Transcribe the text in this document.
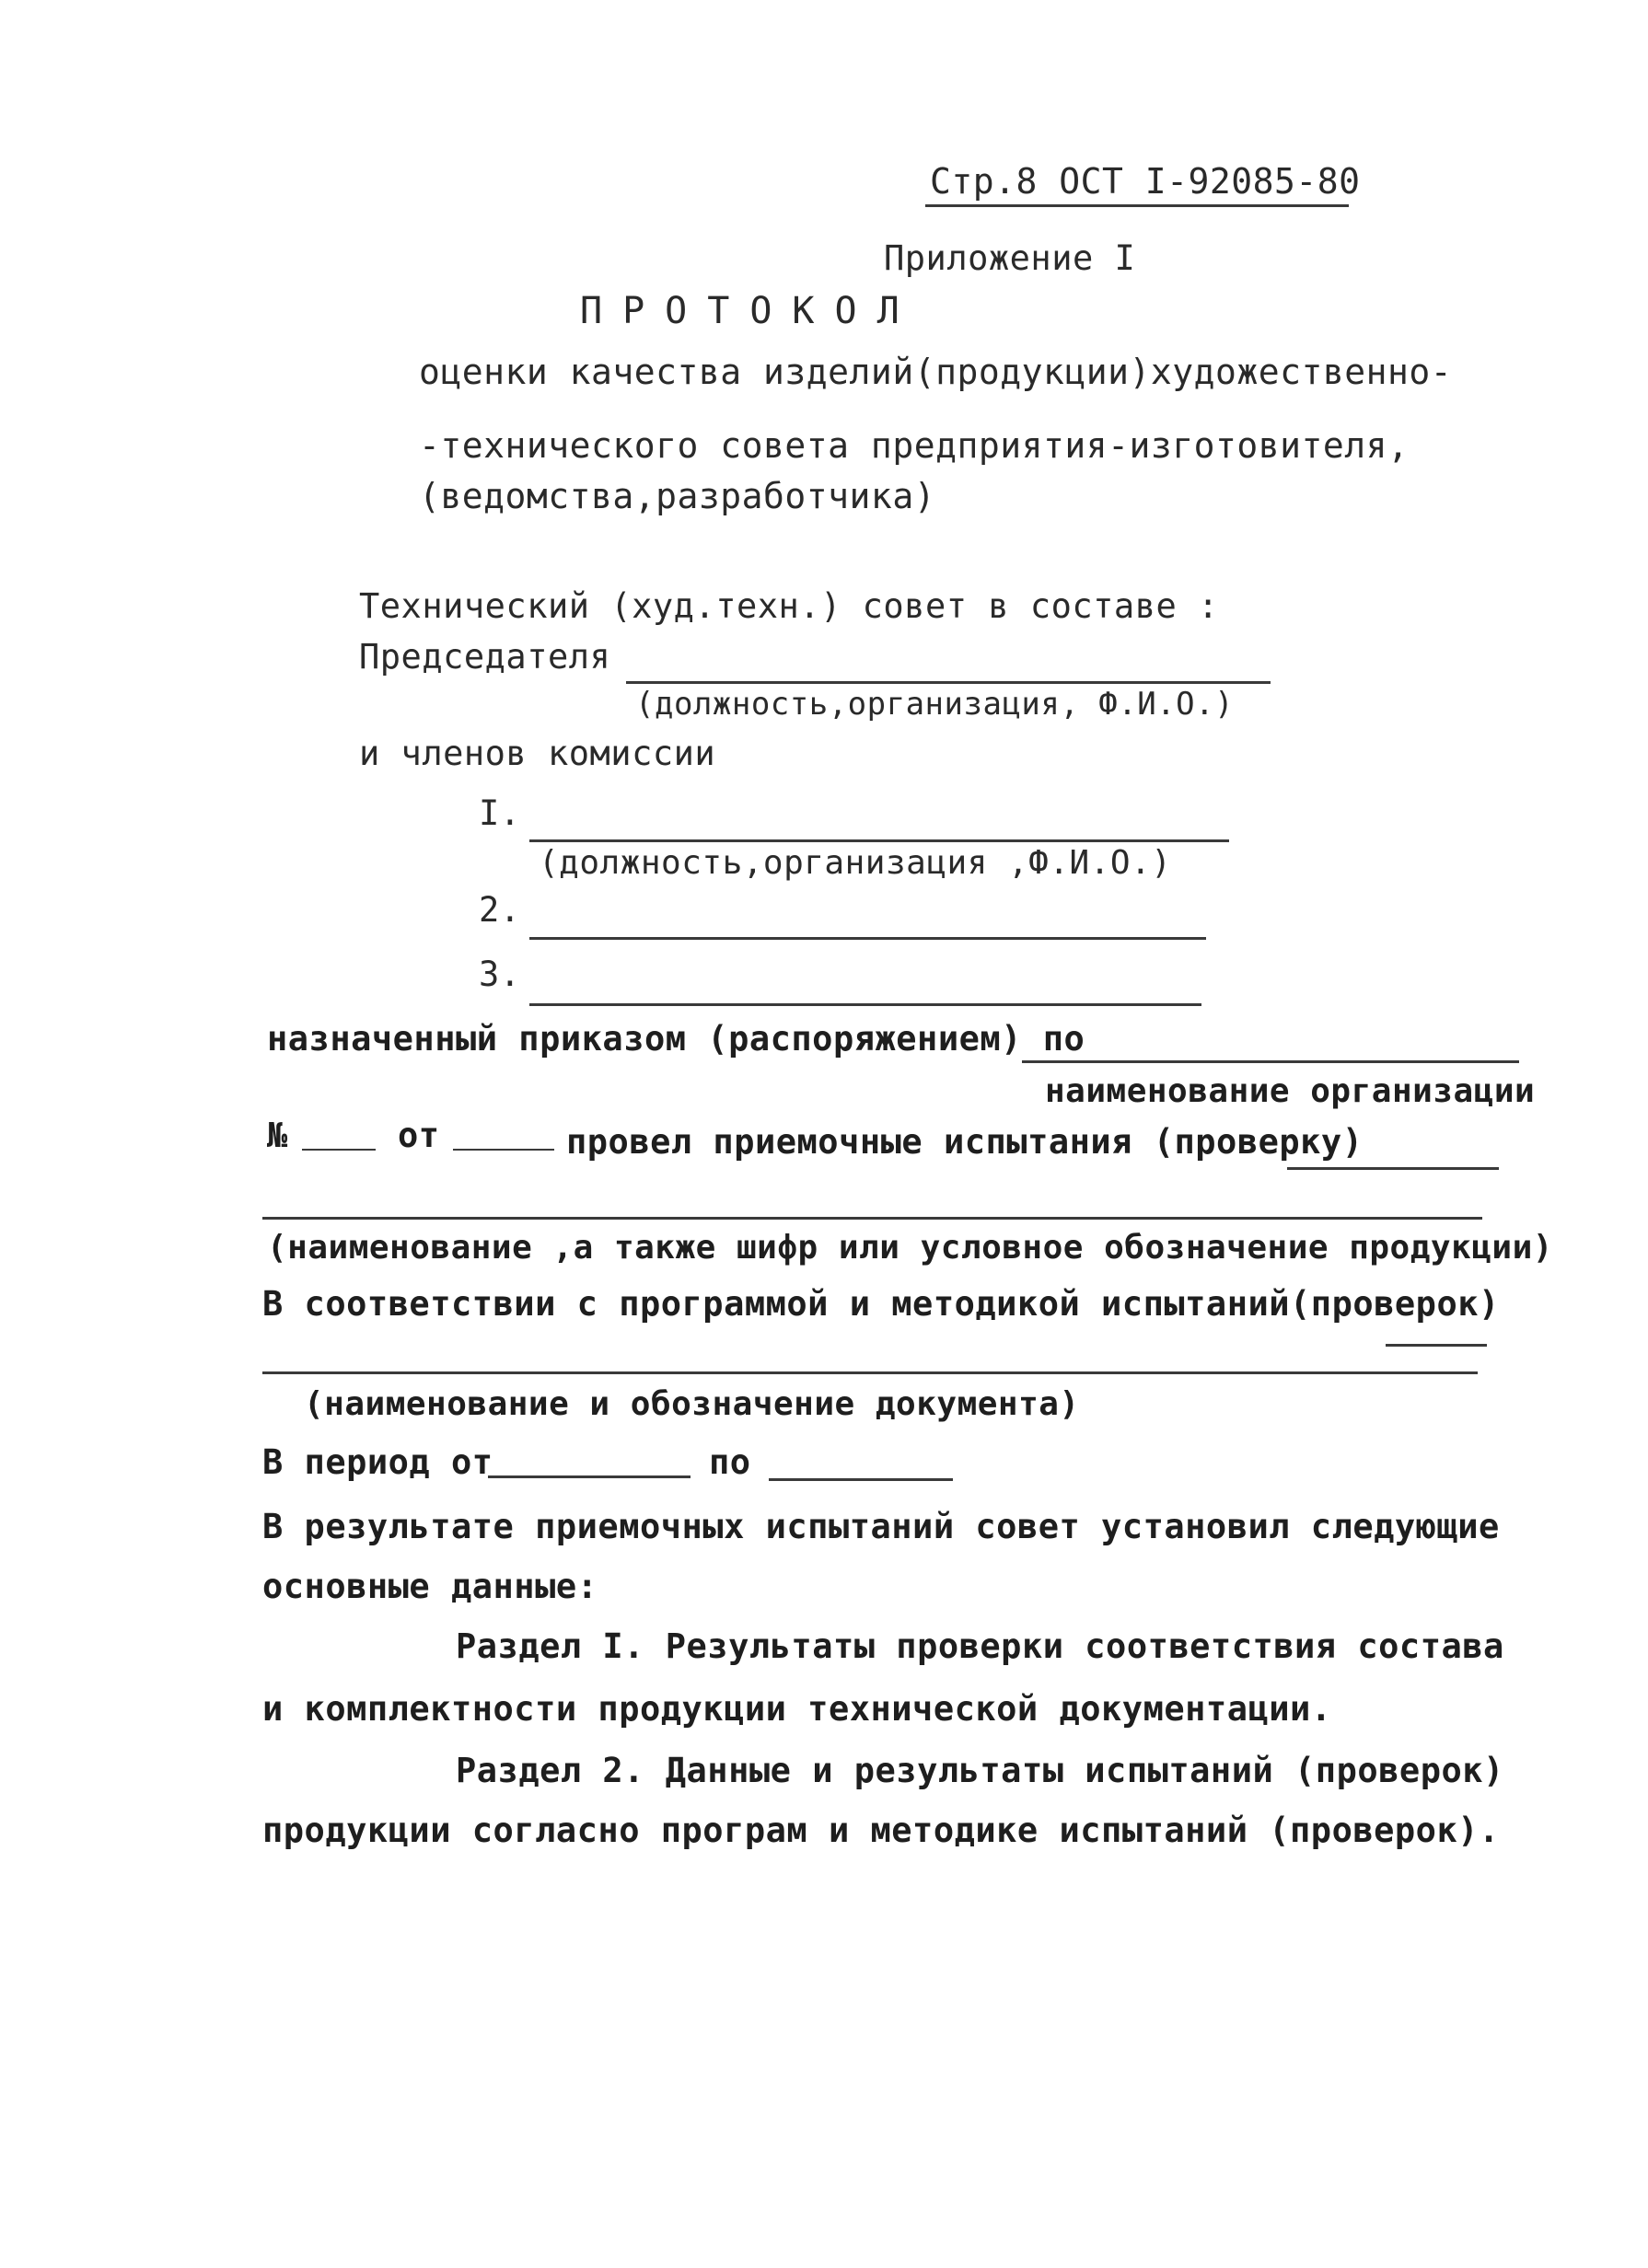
Стр.8 ОСТ I-92085-80
Приложение I
ПРОТОКОЛ
оценки качества изделий(продукции)художественно-
-технического совета предприятия-изготовителя,
(ведомства,разработчика)
Технический (худ.техн.) совет в составе :
Председателя
(должность,организация, Ф.И.О.)
и членов комиссии
I.
(должность,организация ,Ф.И.О.)
2.
3.
назначенный приказом (распоряжением) по
наименование организации
№	от	провел приемочные испытания (проверку)
(наименование ,а также шифр или условное обозначение продукции)
В соответствии с программой и методикой испытаний(проверок)
(наименование и обозначение документа)
В период от	по
В результате приемочных испытаний совет установил следующие
основные данные:
Раздел I. Результаты проверки соответствия состава
и комплектности продукции технической документации.
Раздел 2. Данные и результаты испытаний (проверок)
продукции согласно програм и методике испытаний (проверок).
